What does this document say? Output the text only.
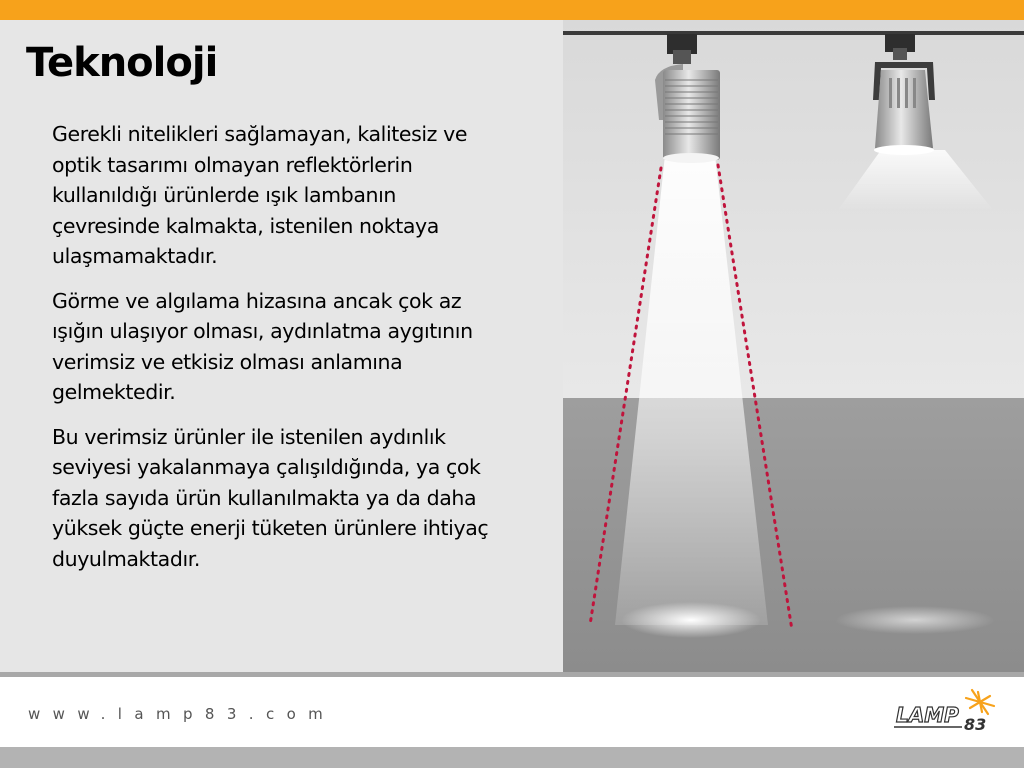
Teknoloji

Gerekli nitelikleri sağlamayan, kalitesiz ve optik tasarımı olmayan reflektörlerin kullanıldığı ürünlerde ışık lambanın çevresinde kalmakta, istenilen noktaya ulaşmamaktadır.

Görme ve algılama hizasına ancak çok az ışığın ulaşıyor olması, aydınlatma aygıtının verimsiz ve etkisiz olması anlamına gelmektedir.

Bu verimsiz ürünler ile istenilen aydınlık seviyesi yakalanmaya çalışıldığında, ya çok fazla sayıda ürün kullanılmakta ya da daha yüksek güçte enerji tüketen ürünlere ihtiyaç duyulmaktadır.

www.lamp83.com	LAMP 83
